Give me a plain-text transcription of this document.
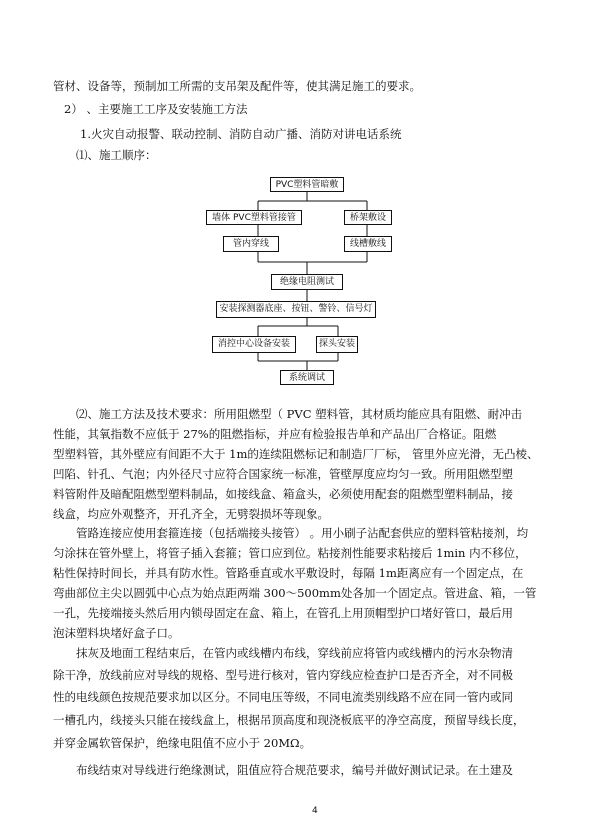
管材、设备等，预制加工所需的支吊架及配件等，使其满足施工的要求。
2） 、主要施工工序及安装施工方法
1.火灾自动报警、联动控制、消防自动广播、消防对讲电话系统
⑴、施工顺序：
PVC塑料管暗敷
墙体 PVC塑料管接管	桥架敷设
管内穿线	线槽敷线
绝缘电阻测试
安装探测器底座、按钮、警铃、信号灯
消控中心设备安装	探头安装
系统调试
⑵、施工方法及技术要求：所用阻燃型（ PVC 塑料管，其材质均能应具有阻燃、耐冲击
性能，其氧指数不应低于 27%的阻燃指标，并应有检验报告单和产品出厂合格证。阻燃
型塑料管，其外壁应有间距不大于 1m的连续阻燃标记和制造厂厂标， 管里外应光滑，无凸棱、
凹陷、针孔、气泡；内外径尺寸应符合国家统一标准，管壁厚度应均匀一致。所用阻燃型塑
料管附件及暗配阻燃型塑料制品，如接线盒、箱盒头，必须使用配套的阻燃型塑料制品，接
线盒，均应外观整齐，开孔齐全，无劈裂损坏等现象。
管路连接应使用套箍连接（包括端接头接管） 。用小刷子沾配套供应的塑料管粘接剂，均
匀涂抹在管外壁上，将管子插入套箍；管口应到位。粘接剂性能要求粘接后 1min 内不移位，
粘性保持时间长，并具有防水性。管路垂直或水平敷设时，每隔 1m距离应有一个固定点，在
弯曲部位主尖以圆弧中心点为始点距两端 300～500mm处各加一个固定点。管进盒、箱，一管
一孔，先接端接头然后用内锁母固定在盒、箱上，在管孔上用顶帽型护口堵好管口，最后用
泡沫塑料块堵好盒子口。
抹灰及地面工程结束后，在管内或线槽内布线，穿线前应将管内或线槽内的污水杂物清
除干净，放线前应对导线的规格、型号进行核对，管内穿线应检查护口是否齐全，对不同极
性的电线颜色按规范要求加以区分。不同电压等级，不同电流类别线路不应在同一管内或同
一槽孔内，线接头只能在接线盒上，根据吊顶高度和现浇板底平的净空高度，预留导线长度，
并穿金属软管保护，绝缘电阻值不应小于 20MΩ。
布线结束对导线进行绝缘测试，阻值应符合规范要求，编号并做好测试记录。在土建及
4
